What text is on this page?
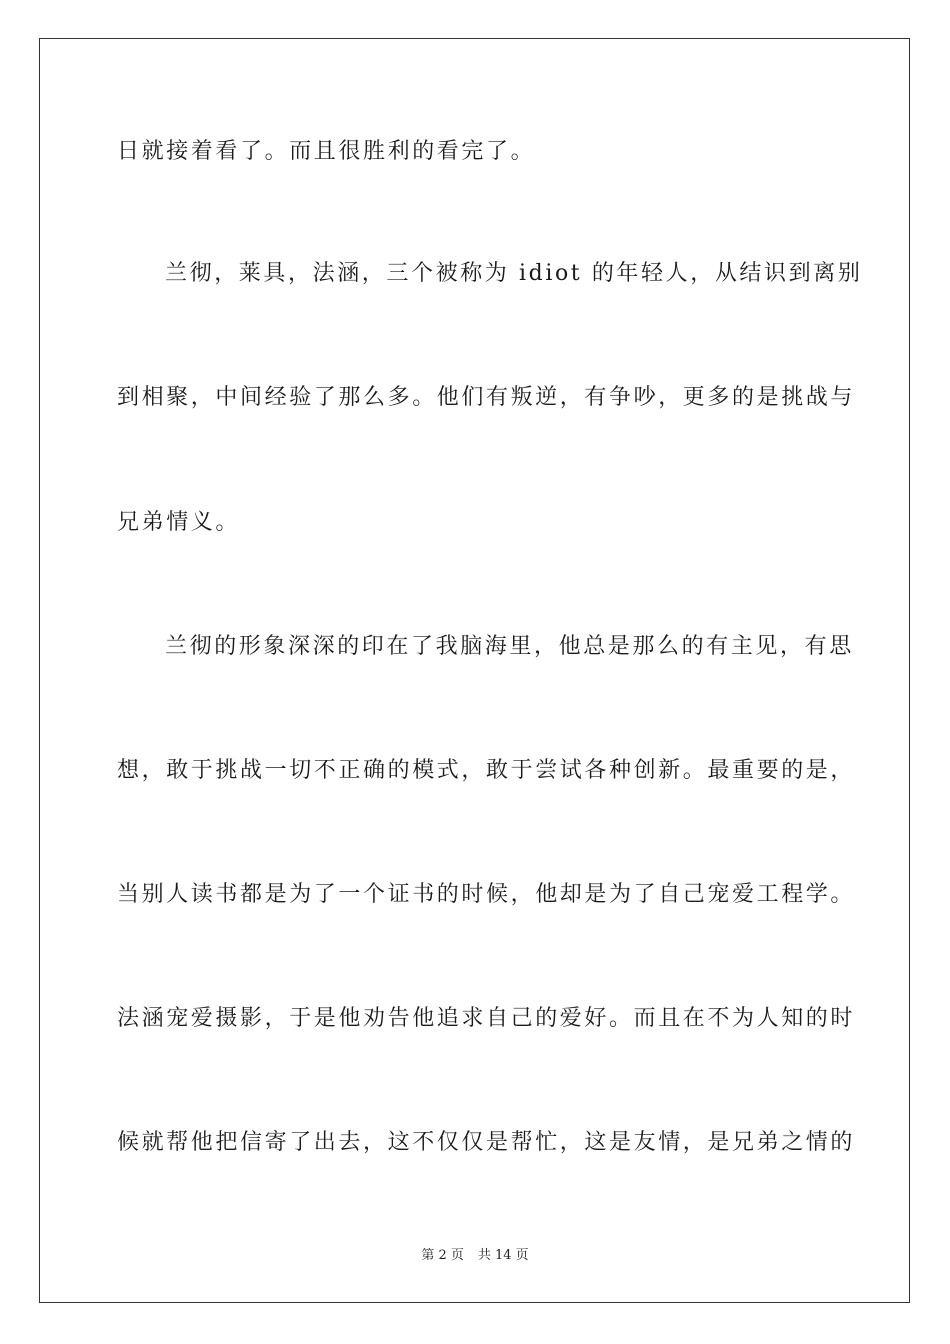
日就接着看了。而且很胜利的看完了。
兰彻，莱具，法涵，三个被称为 idiot 的年轻人，从结识到离别
到相聚，中间经验了那么多。他们有叛逆，有争吵，更多的是挑战与
兄弟情义。
兰彻的形象深深的印在了我脑海里，他总是那么的有主见，有思
想，敢于挑战一切不正确的模式，敢于尝试各种创新。最重要的是，
当别人读书都是为了一个证书的时候，他却是为了自己宠爱工程学。
法涵宠爱摄影，于是他劝告他追求自己的爱好。而且在不为人知的时
候就帮他把信寄了出去，这不仅仅是帮忙，这是友情，是兄弟之情的
第 2 页 共 14 页
